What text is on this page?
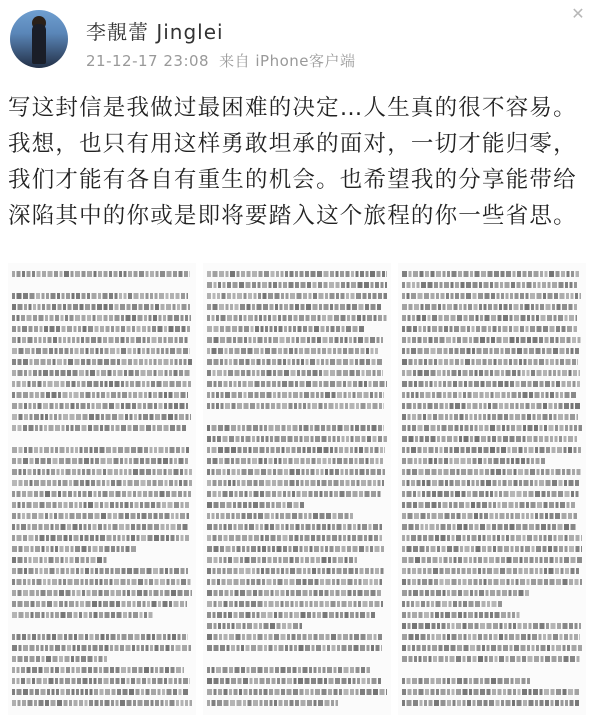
李靚蕾 Jinglei
21-12-17 23:08 来自 iPhone客户端
✕

写这封信是我做过最困难的决定…人生真的很不容易。我想，也只有用这样勇敢坦承的面对，一切才能归零，我们才能有各自有重生的机会。也希望我的分享能带给深陷其中的你或是即将要踏入这个旅程的你一些省思。
